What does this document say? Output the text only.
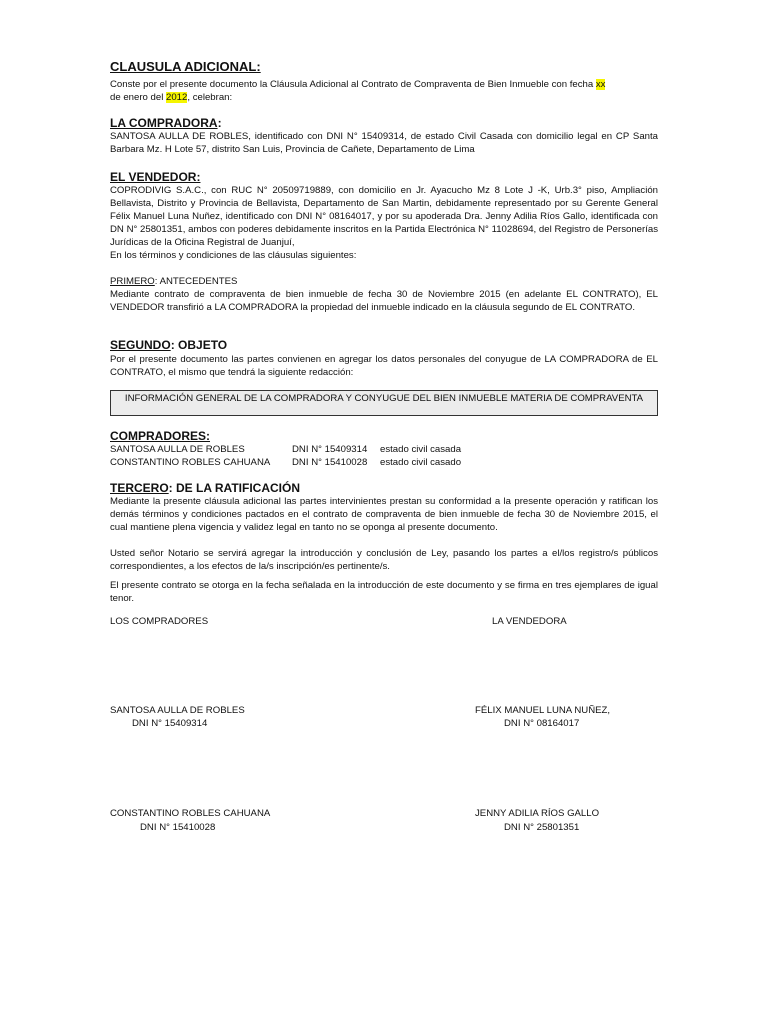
CLAUSULA ADICIONAL:
Conste por el presente documento la Cláusula Adicional al Contrato de Compraventa de Bien Inmueble con fecha xx
de enero del 2012, celebran:
LA COMPRADORA:
SANTOSA AULLA DE ROBLES, identificado con DNI N° 15409314, de estado Civil Casada con domicilio legal en CP Santa Barbara Mz. H Lote 57, distrito San Luis, Provincia de Cañete, Departamento de Lima
EL VENDEDOR:
COPRODIVIG S.A.C., con RUC N° 20509719889, con domicilio en Jr. Ayacucho Mz 8 Lote J -K, Urb.3° piso, Ampliación Bellavista, Distrito y Provincia de Bellavista, Departamento de San Martin, debidamente representado por su Gerente General Félix Manuel Luna Nuñez, identificado con DNI N° 08164017, y por su apoderada Dra. Jenny Adilia Ríos Gallo, identificada con DN N° 25801351, ambos con poderes debidamente inscritos en la Partida Electrónica N° 11028694, del Registro de Personerías Jurídicas de la Oficina Registral de Juanjuí,
En los términos y condiciones de las cláusulas siguientes:
PRIMERO: ANTECEDENTES
Mediante contrato de compraventa de bien inmueble de fecha 30 de Noviembre 2015 (en adelante EL CONTRATO), EL VENDEDOR transfirió a LA COMPRADORA la propiedad del inmueble indicado en la cláusula segundo de EL CONTRATO.
SEGUNDO: OBJETO
Por el presente documento las partes convienen en agregar los datos personales del conyugue de LA COMPRADORA de EL CONTRATO, el mismo que tendrá la siguiente redacción:
INFORMACIÓN GENERAL DE LA COMPRADORA Y CONYUGUE DEL BIEN INMUEBLE MATERIA DE COMPRAVENTA
COMPRADORES:
SANTOSA AULLA DE ROBLES	DNI N° 15409314 estado civil casada
CONSTANTINO ROBLES CAHUANA DNI N° 15410028 estado civil casado
TERCERO: DE LA RATIFICACIÓN
Mediante la presente cláusula adicional las partes intervinientes prestan su conformidad a la presente operación y ratifican los demás términos y condiciones pactados en el contrato de compraventa de bien inmueble de fecha 30 de Noviembre 2015, el cual mantiene plena vigencia y validez legal en tanto no se oponga al presente documento.
Usted señor Notario se servirá agregar la introducción y conclusión de Ley, pasando los partes a el/los registro/s públicos correspondientes, a los efectos de la/s inscripción/es pertinente/s.
El presente contrato se otorga en la fecha señalada en la introducción de este documento y se firma en tres ejemplares de igual tenor.
LOS COMPRADORES	LA VENDEDORA
SANTOSA AULLA DE ROBLES
DNI N° 15409314
FÉLIX MANUEL LUNA NUÑEZ,
DNI N° 08164017
CONSTANTINO ROBLES CAHUANA
DNI N° 15410028
JENNY ADILIA RÍOS GALLO
DNI N° 25801351
